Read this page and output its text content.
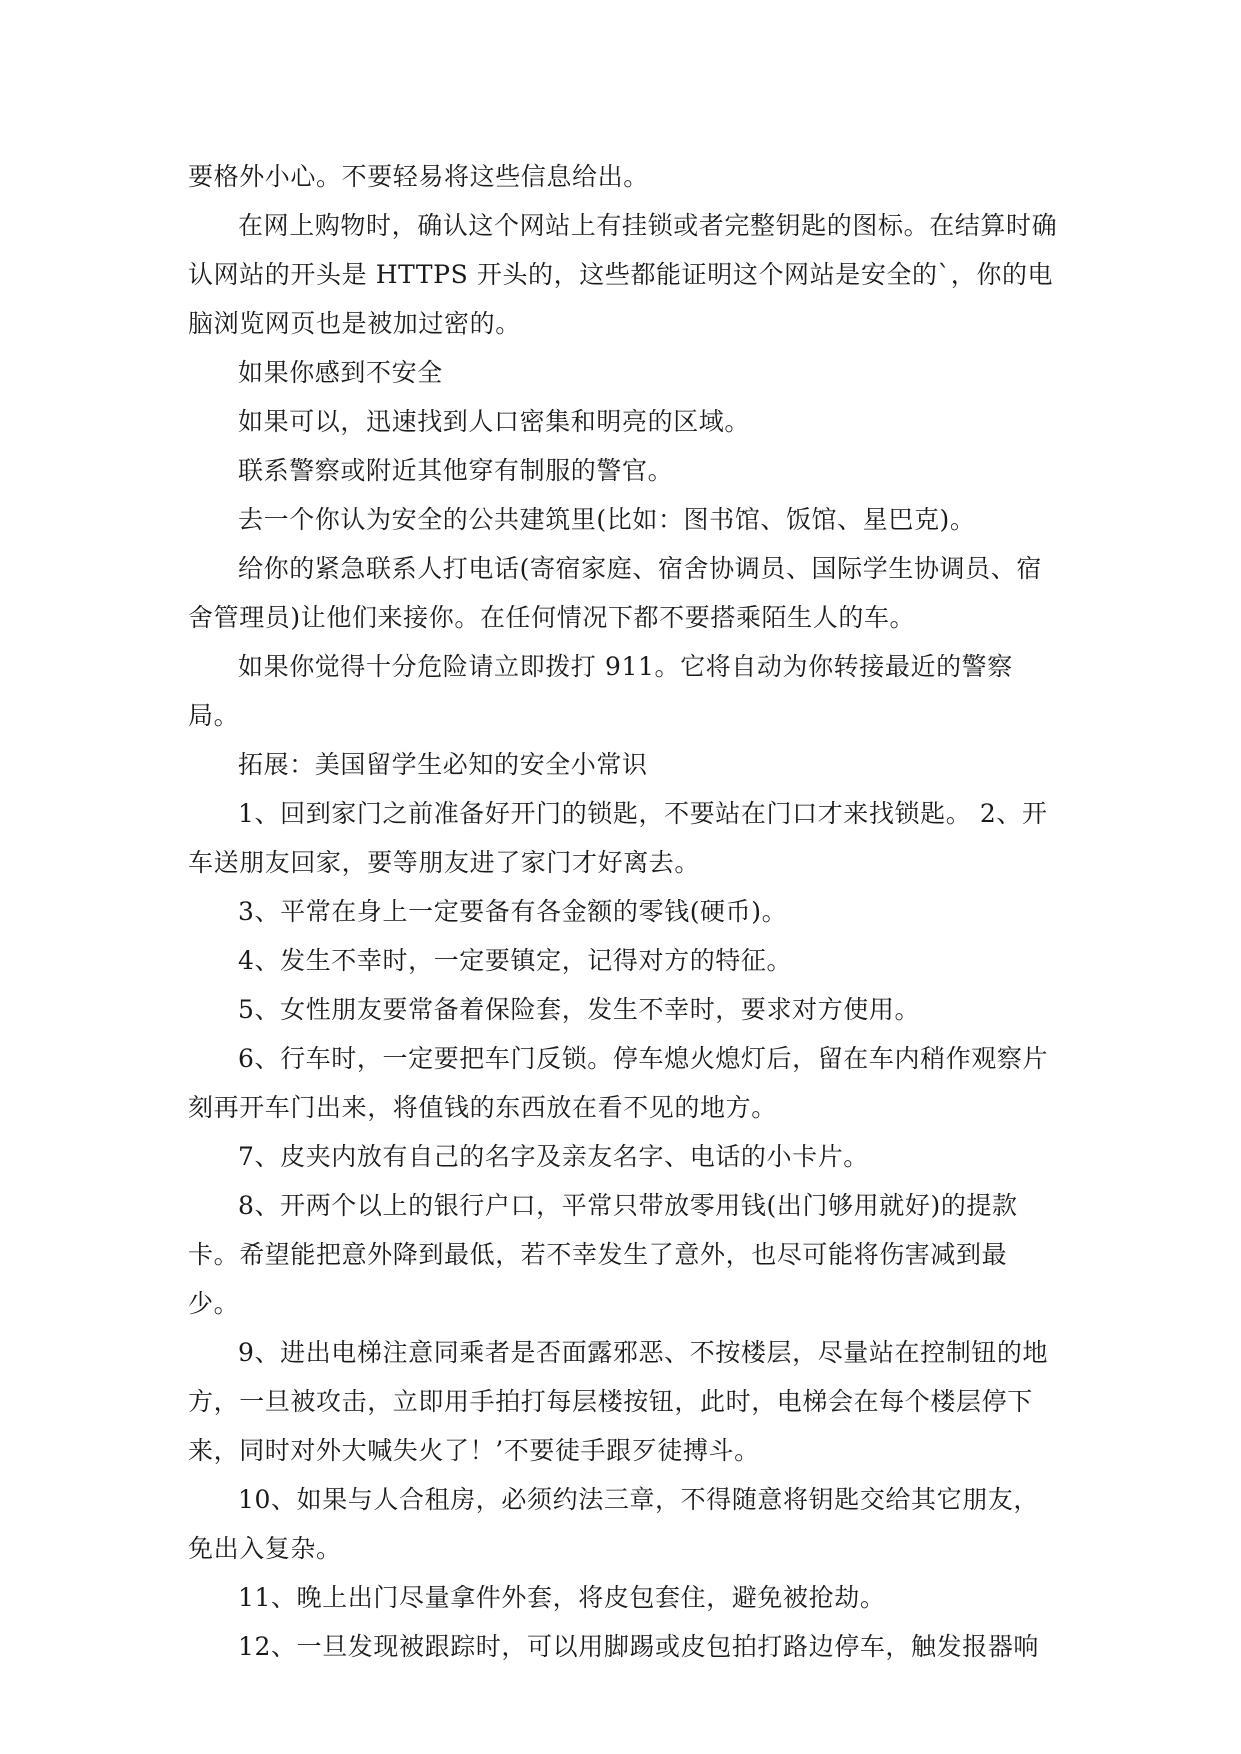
要格外小心。不要轻易将这些信息给出。

在网上购物时，确认这个网站上有挂锁或者完整钥匙的图标。在结算时确认网站的开头是 HTTPS 开头的，这些都能证明这个网站是安全的`，你的电脑浏览网页也是被加过密的。

如果你感到不安全

如果可以，迅速找到人口密集和明亮的区域。

联系警察或附近其他穿有制服的警官。

去一个你认为安全的公共建筑里(比如：图书馆、饭馆、星巴克)。

给你的紧急联系人打电话(寄宿家庭、宿舍协调员、国际学生协调员、宿舍管理员)让他们来接你。在任何情况下都不要搭乘陌生人的车。

如果你觉得十分危险请立即拨打 911。它将自动为你转接最近的警察局。

拓展：美国留学生必知的安全小常识

1、回到家门之前准备好开门的锁匙，不要站在门口才来找锁匙。 2、开车送朋友回家，要等朋友进了家门才好离去。

3、平常在身上一定要备有各金额的零钱(硬币)。

4、发生不幸时，一定要镇定，记得对方的特征。

5、女性朋友要常备着保险套，发生不幸时，要求对方使用。

6、行车时，一定要把车门反锁。停车熄火熄灯后，留在车内稍作观察片刻再开车门出来，将值钱的东西放在看不见的地方。

7、皮夹内放有自己的名字及亲友名字、电话的小卡片。

8、开两个以上的银行户口，平常只带放零用钱(出门够用就好)的提款卡。希望能把意外降到最低，若不幸发生了意外，也尽可能将伤害减到最少。

9、进出电梯注意同乘者是否面露邪恶、不按楼层，尽量站在控制钮的地方，一旦被攻击，立即用手拍打每层楼按钮，此时，电梯会在每个楼层停下来，同时对外大喊失火了！’不要徒手跟歹徒搏斗。

10、如果与人合租房，必须约法三章，不得随意将钥匙交给其它朋友，免出入复杂。

11、晚上出门尽量拿件外套，将皮包套住，避免被抢劫。

12、一旦发现被跟踪时，可以用脚踢或皮包拍打路边停车，触发报器响
